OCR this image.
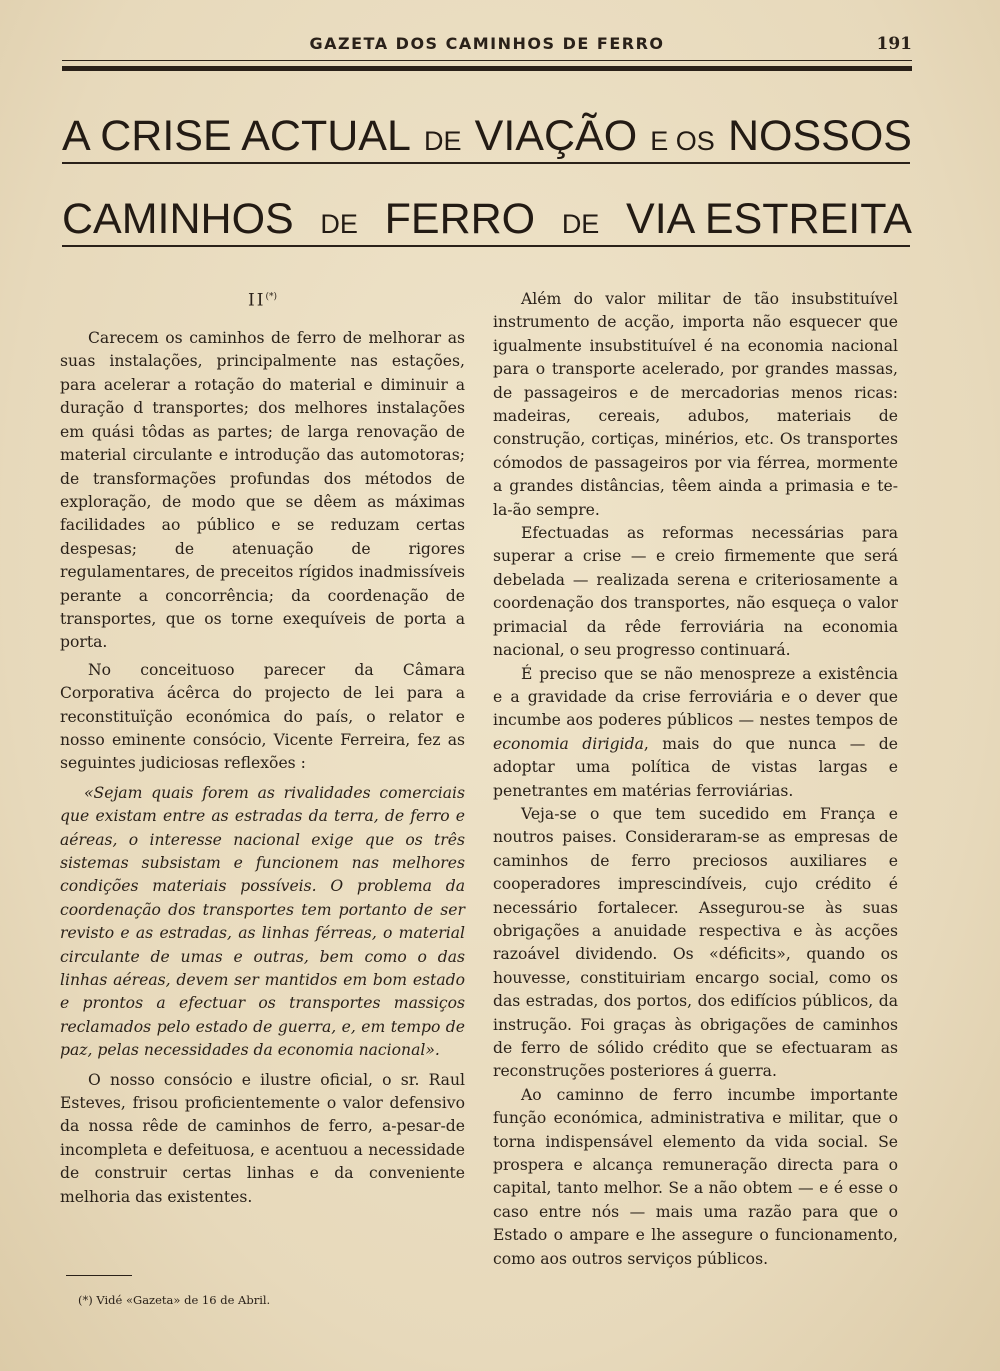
GAZETA DOS CAMINHOS DE FERRO	191
A CRISE ACTUAL DE VIAÇÃO E OS NOSSOS
CAMINHOS DE FERRO DE VIA ESTREITA
II(*)

Carecem os caminhos de ferro de melhorar as suas instalações, principalmente nas estações, para acelerar a rotação do material e diminuir a duração d transportes; dos melhores instalações em quási tôdas as partes; de larga renovação de material circulante e introdução das automotoras; de transformações profundas dos métodos de exploração, de modo que se dêem as máximas facilidades ao público e se reduzam certas despesas; de atenuação de rigores regulamentares, de preceitos rígidos inadmissíveis perante a concorrência; da coordenação de transportes, que os torne exequíveis de porta a porta.

No conceituoso parecer da Câmara Corporativa ácêrca do projecto de lei para a reconstituïção económica do país, o relator e nosso eminente consócio, Vicente Ferreira, fez as seguintes judiciosas reflexões :

«Sejam quais forem as rivalidades comerciais que existam entre as estradas da terra, de ferro e aéreas, o interesse nacional exige que os três sistemas subsistam e funcionem nas melhores condições materiais possíveis. O problema da coordenação dos transportes tem portanto de ser revisto e as estradas, as linhas férreas, o material circulante de umas e outras, bem como o das linhas aéreas, devem ser mantidos em bom estado e prontos a efectuar os transportes massiços reclamados pelo estado de guerra, e, em tempo de paz, pelas necessidades da economia nacional».

O nosso consócio e ilustre oficial, o sr. Raul Esteves, frisou proficientemente o valor defensivo da nossa rêde de caminhos de ferro, a-pesar-de incompleta e defeituosa, e acentuou a necessidade de construir certas linhas e da conveniente melhoria das existentes.

Além do valor militar de tão insubstituível instrumento de acção, importa não esquecer que igualmente insubstituível é na economia nacional para o transporte acelerado, por grandes massas, de passageiros e de mercadorias menos ricas: madeiras, cereais, adubos, materiais de construção, cortiças, minérios, etc. Os transportes cómodos de passageiros por via férrea, mormente a grandes distâncias, têem ainda a primasia e te-la-ão sempre.

Efectuadas as reformas necessárias para superar a crise — e creio firmemente que será debelada — realizada serena e criteriosamente a coordenação dos transportes, não esqueça o valor primacial da rêde ferroviária na economia nacional, o seu progresso continuará.

É preciso que se não menospreze a existência e a gravidade da crise ferroviária e o dever que incumbe aos poderes públicos — nestes tempos de economia dirigida, mais do que nunca — de adoptar uma política de vistas largas e penetrantes em matérias ferroviárias.

Veja-se o que tem sucedido em França e noutros paises. Consideraram-se as empresas de caminhos de ferro preciosos auxiliares e cooperadores imprescindíveis, cujo crédito é necessário fortalecer. Assegurou-se às suas obrigações a anuidade respectiva e às acções razoável dividendo. Os «déficits», quando os houvesse, constituiriam encargo social, como os das estradas, dos portos, dos edifícios públicos, da instrução. Foi graças às obrigações de caminhos de ferro de sólido crédito que se efectuaram as reconstruções posteriores á guerra.

Ao caminno de ferro incumbe importante função económica, administrativa e militar, que o torna indispensável elemento da vida social. Se prospera e alcança remuneração directa para o capital, tanto melhor. Se a não obtem — e é esse o caso entre nós — mais uma razão para que o Estado o ampare e lhe assegure o funcionamento, como aos outros serviços públicos.

(*) Vidé «Gazeta» de 16 de Abril.
